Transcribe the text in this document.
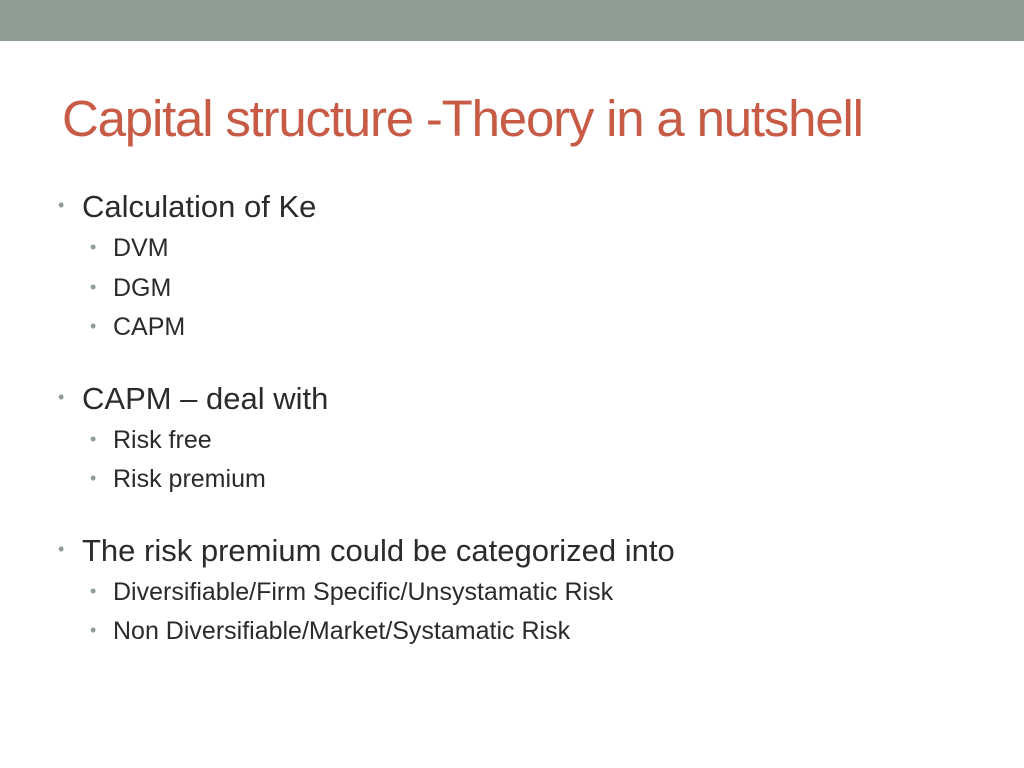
Capital structure -Theory in a nutshell
• Calculation of Ke
• DVM
• DGM
• CAPM
• CAPM – deal with
• Risk free
• Risk premium
• The risk premium could be categorized into
• Diversifiable/Firm Specific/Unsystamatic Risk
• Non Diversifiable/Market/Systamatic Risk
